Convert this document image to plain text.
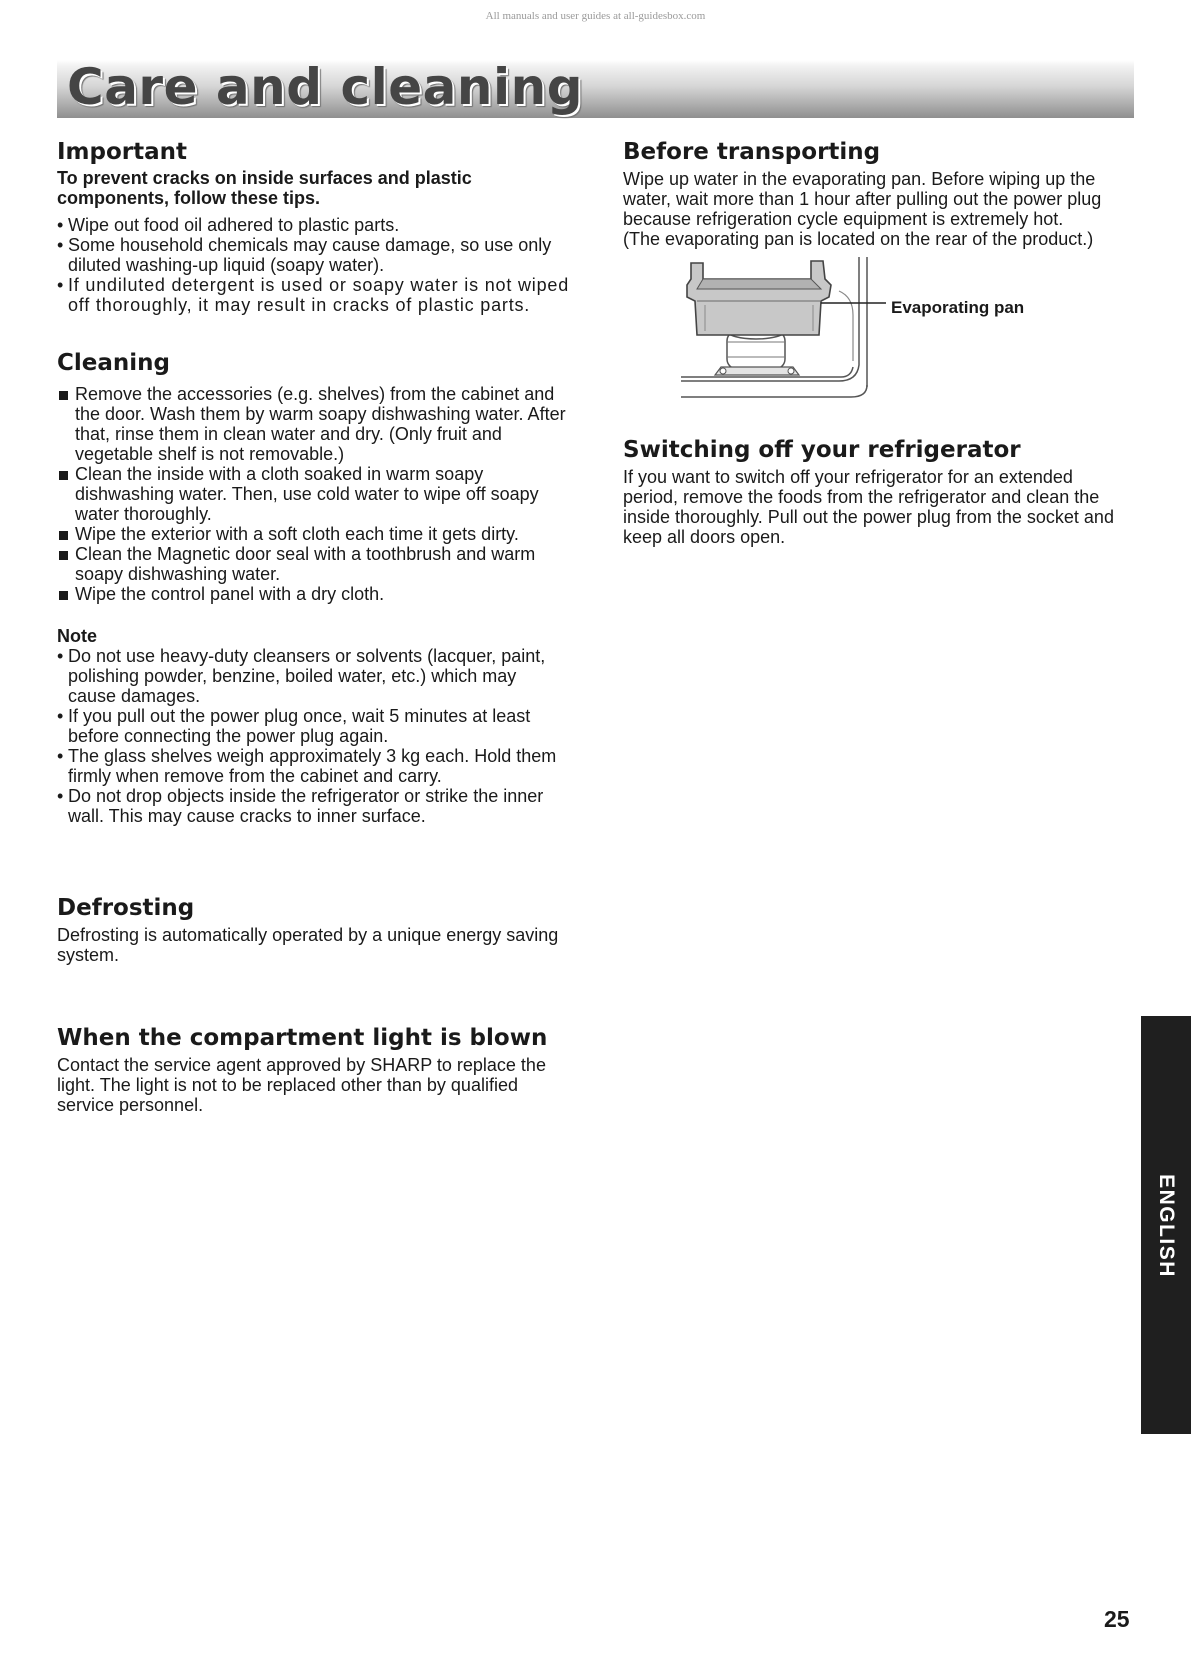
All manuals and user guides at all-guidesbox.com
Care and cleaning
Important
To prevent cracks on inside surfaces and plastic components, follow these tips.
• Wipe out food oil adhered to plastic parts.
• Some household chemicals may cause damage, so use only diluted washing-up liquid (soapy water).
• If undiluted detergent is used or soapy water is not wiped off thoroughly, it may result in cracks of plastic parts.
Cleaning
Remove the accessories (e.g. shelves) from the cabinet and the door. Wash them by warm soapy dishwashing water. After that, rinse them in clean water and dry. (Only fruit and vegetable shelf is not removable.)
Clean the inside with a cloth soaked in warm soapy dishwashing water. Then, use cold water to wipe off soapy water thoroughly.
Wipe the exterior with a soft cloth each time it gets dirty.
Clean the Magnetic door seal with a toothbrush and warm soapy dishwashing water.
Wipe the control panel with a dry cloth.
Note
• Do not use heavy-duty cleansers or solvents (lacquer, paint, polishing powder, benzine, boiled water, etc.) which may cause damages.
• If you pull out the power plug once, wait 5 minutes at least before connecting the power plug again.
• The glass shelves weigh approximately 3 kg each. Hold them firmly when remove from the cabinet and carry.
• Do not drop objects inside the refrigerator or strike the inner wall. This may cause cracks to inner surface.
Defrosting

Defrosting is automatically operated by a unique energy saving system.

When the compartment light is blown

Contact the service agent approved by SHARP to replace the light. The light is not to be replaced other than by qualified service personnel.

Before transporting

Wipe up water in the evaporating pan. Before wiping up the water, wait more than 1 hour after pulling out the power plug because refrigeration cycle equipment is extremely hot.

(The evaporating pan is located on the rear of the product.)

Evaporating pan
Switching off your refrigerator

If you want to switch off your refrigerator for an extended period, remove the foods from the refrigerator and clean the inside thoroughly. Pull out the power plug from the socket and keep all doors open.

ENGLISH
25
